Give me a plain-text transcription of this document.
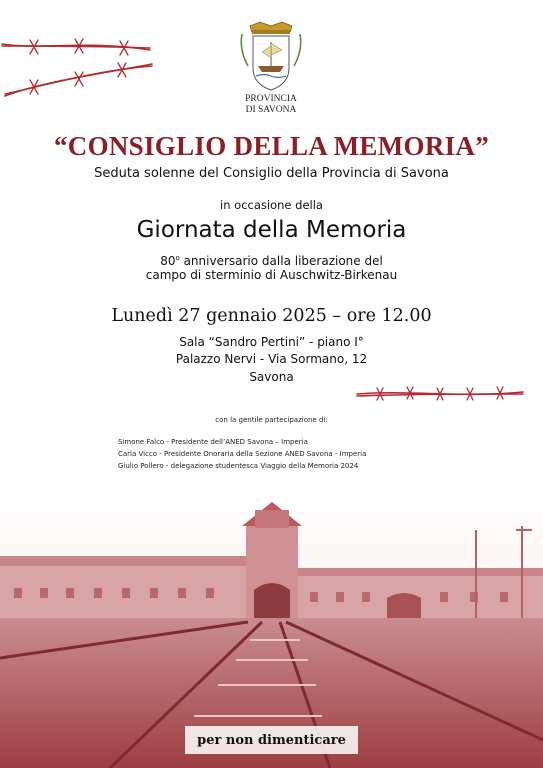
PROVINCIA
DI SAVONA
“CONSIGLIO DELLA MEMORIA”
Seduta solenne del Consiglio della Provincia di Savona
in occasione della
Giornata della Memoria
80$^o$ anniversario dalla liberazione del
campo di sterminio di Auschwitz-Birkenau
Lunedì 27 gennaio 2025 – ore 12.00
Sala “Sandro Pertini” - piano I°
Palazzo Nervi - Via Sormano, 12
Savona
con la gentile partecipazione di:
Simone Falco - Presidente dell’ANED Savona – Imperia
Carla Vicco - Presidente Onoraria della Sezione ANED Savona - Imperia
Giulio Pollero - delegazione studentesca Viaggio della Memoria 2024
per non dimenticare
